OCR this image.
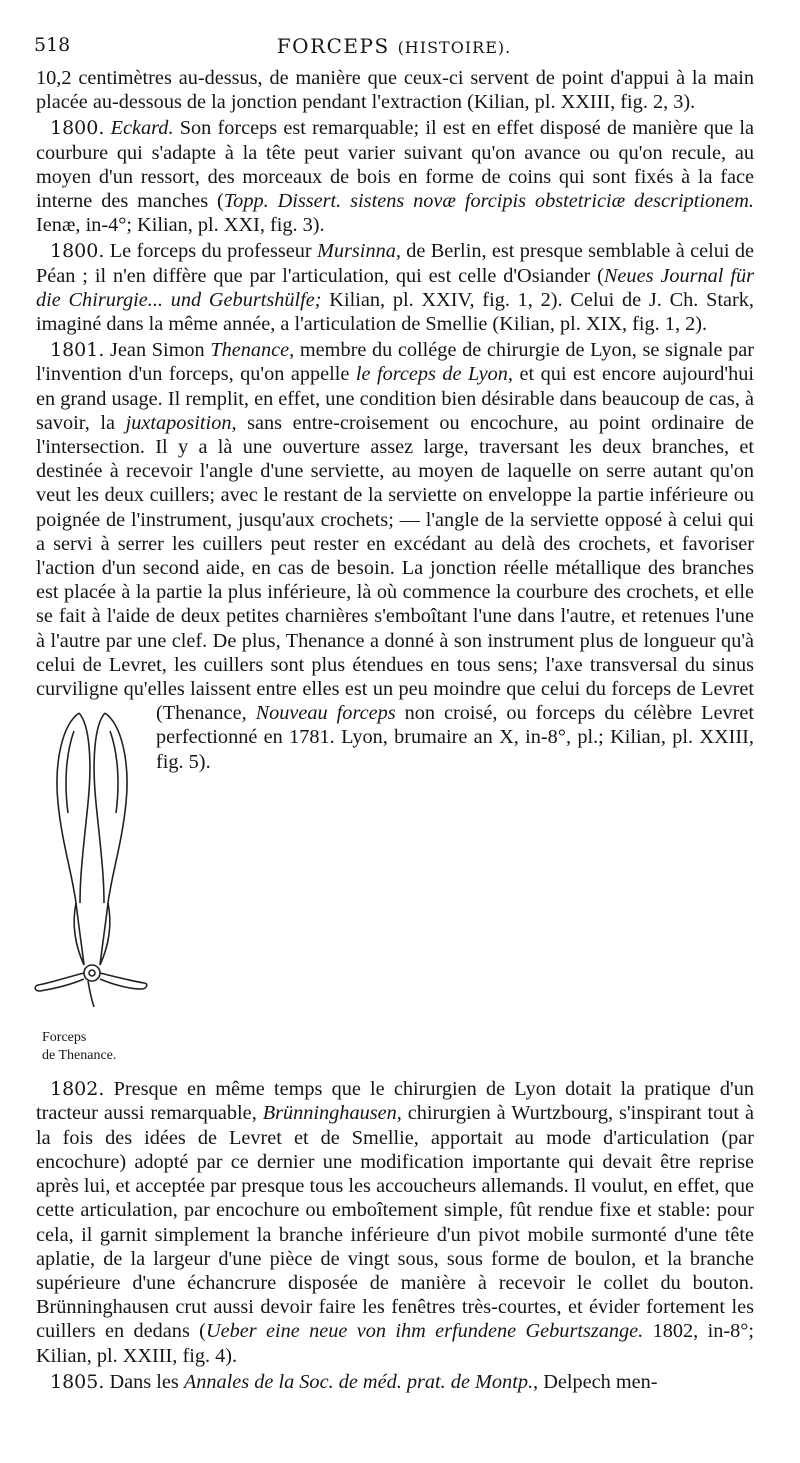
518	FORCEPS (HISTOIRE).

10,2 centimètres au-dessus, de manière que ceux-ci servent de point d'appui à la main placée au-dessous de la jonction pendant l'extraction (Kilian, pl. XXIII, fig. 2, 3).

1800. Eckard. Son forceps est remarquable; il est en effet disposé de manière que la courbure qui s'adapte à la tête peut varier suivant qu'on avance ou qu'on recule, au moyen d'un ressort, des morceaux de bois en forme de coins qui sont fixés à la face interne des manches (Topp. Dissert. sistens novæ forcipis obstetriciæ descriptionem. Ienæ, in-4°; Kilian, pl. XXI, fig. 3).

1800. Le forceps du professeur Mursinna, de Berlin, est presque semblable à celui de Péan ; il n'en diffère que par l'articulation, qui est celle d'Osiander (Neues Journal für die Chirurgie... und Geburtshülfe; Kilian, pl. XXIV, fig. 1, 2). Celui de J. Ch. Stark, imaginé dans la même année, a l'articulation de Smellie (Kilian, pl. XIX, fig. 1, 2).

1801. Jean Simon Thenance, membre du collége de chirurgie de Lyon, se signale par l'invention d'un forceps, qu'on appelle le forceps de Lyon, et qui est encore aujourd'hui en grand usage. Il remplit, en effet, une condition bien désirable dans beaucoup de cas, à savoir, la juxtaposition, sans entre-croisement ou encochure, au point ordinaire de l'intersection. Il y a là une ouverture assez large, traversant les deux branches, et destinée à recevoir l'angle d'une serviette, au moyen de laquelle on serre autant qu'on veut les deux cuillers; avec le restant de la serviette on enveloppe la partie inférieure ou poignée de l'instrument, jusqu'aux crochets; — l'angle de la serviette opposé à celui qui a servi à serrer les cuillers peut rester en excédant au delà des crochets, et favoriser l'action d'un second aide, en cas de besoin. La jonction réelle métallique des branches est placée à la partie la plus inférieure, là où commence la courbure des crochets, et elle se fait à l'aide de deux petites charnières s'emboîtant l'une dans l'autre, et retenues l'une à l'autre par une clef. De plus, Thenance a donné à son instrument plus de longueur qu'à celui de Levret, les cuillers sont plus étendues en tous sens; l'axe transversal du sinus curviligne qu'elles laissent entre elles est un peu moindre que celui du forceps de Levret (Thenance,
Forceps
de Thenance.
Nouveau forceps non croisé, ou forceps du célèbre Levret perfectionné en 1781. Lyon, brumaire an X, in-8°, pl.; Kilian, pl. XXIII, fig. 5).

1802. Presque en même temps que le chirurgien de Lyon dotait la pratique d'un tracteur aussi remarquable, Brünninghausen, chirurgien à Wurtzbourg, s'inspirant tout à la fois des idées de Levret et de Smellie, apportait au mode d'articulation (par encochure) adopté par ce dernier une modification importante qui devait être reprise après lui, et acceptée par presque tous les accoucheurs allemands. Il voulut, en effet, que cette articulation, par encochure ou emboîtement simple, fût rendue fixe et stable: pour cela, il garnit simplement la branche inférieure d'un pivot mobile surmonté d'une tête aplatie, de la largeur d'une pièce de vingt sous, sous forme de boulon, et la branche supérieure d'une échancrure disposée de manière à recevoir le collet du bouton. Brünninghausen crut aussi devoir faire les fenêtres très-courtes, et évider fortement les cuillers en dedans (Ueber eine neue von ihm erfundene Geburtszange. 1802, in-8°; Kilian, pl. XXIII, fig. 4).

1805. Dans les Annales de la Soc. de méd. prat. de Montp., Delpech men-
